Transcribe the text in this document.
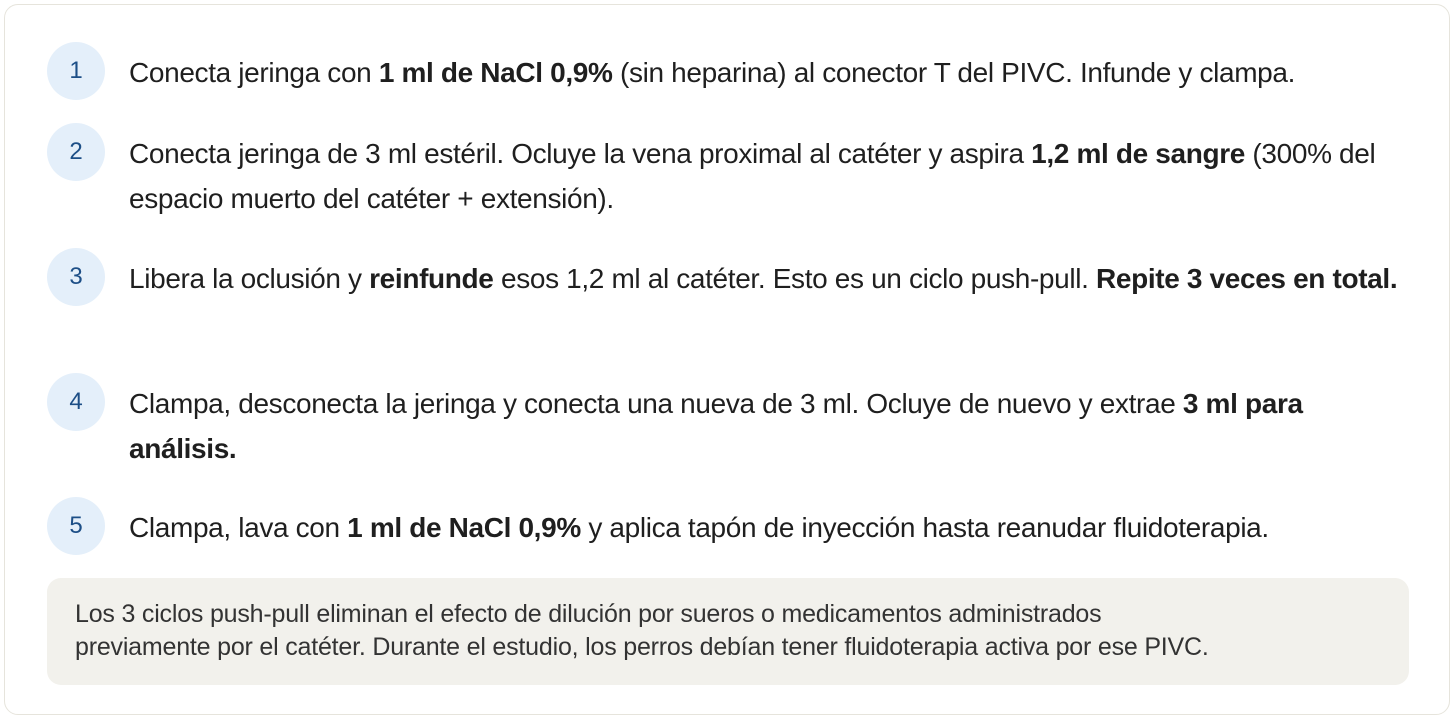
1	Conecta jeringa con 1 ml de NaCl 0,9% (sin heparina) al conector T del PIVC. Infunde y clampa.
2	Conecta jeringa de 3 ml estéril. Ocluye la vena proximal al catéter y aspira 1,2 ml de sangre (300% del espacio muerto del catéter + extensión).
3	Libera la oclusión y reinfunde esos 1,2 ml al catéter. Esto es un ciclo push-pull. Repite 3 veces en total.
4	Clampa, desconecta la jeringa y conecta una nueva de 3 ml. Ocluye de nuevo y extrae 3 ml para análisis.
5	Clampa, lava con 1 ml de NaCl 0,9% y aplica tapón de inyección hasta reanudar fluidoterapia.
Los 3 ciclos push-pull eliminan el efecto de dilución por sueros o medicamentos administrados
previamente por el catéter. Durante el estudio, los perros debían tener fluidoterapia activa por ese PIVC.
